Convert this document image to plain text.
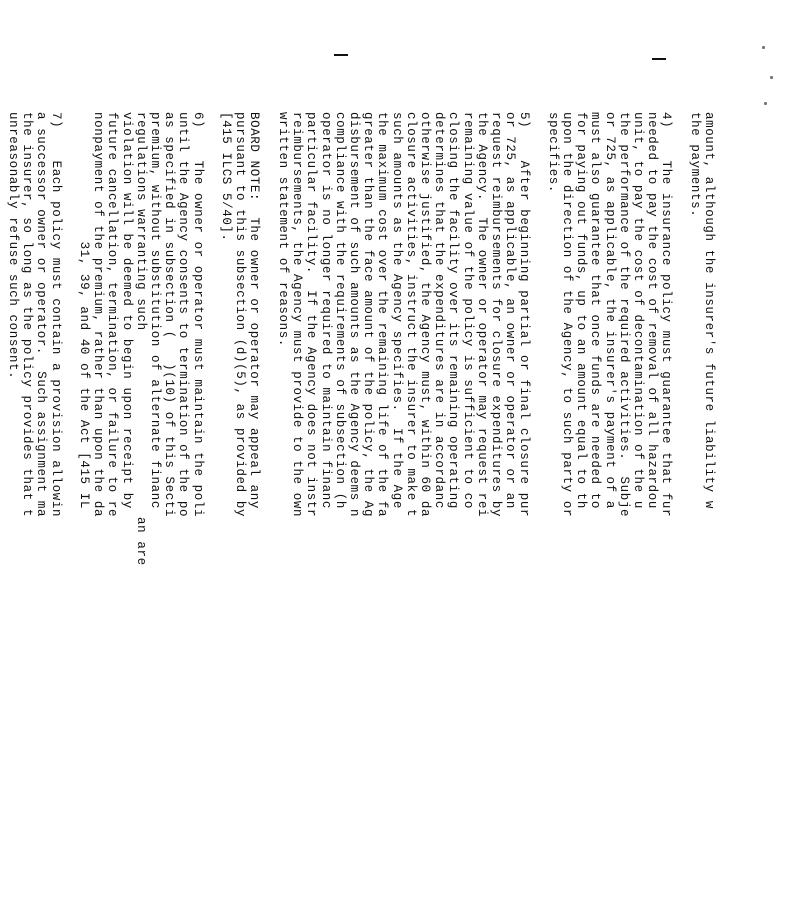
amount, although the insurer's future liability w
the payments.

4)    The insurance policy must guarantee that fur
needed to pay the cost of removal of all hazardou
unit, to pay the cost of decontamination of the u
the performance of the required activities.  Subje
or 725, as applicable, the insurer's payment of a
must also guarantee that once funds are needed to
for paying out funds, up to an amount equal to th
upon the direction of the Agency, to such party or
specifies.

5)    After beginning partial or final closure pur
or 725, as applicable, an owner or operator or an
request reimbursements for closure expenditures by
the Agency.  The owner or operator may request rei
remaining value of the policy is sufficient to co
closing the facility over its remaining operating
determines that the expenditures are in accordanc
otherwise justified, the Agency must, within 60 da
closure activities, instruct the insurer to make t
such amounts as the Agency specifies.  If the Age
the maximum cost over the remaining life of the fa
greater than the face amount of the policy, the Ag
disbursement of such amounts as the Agency deems n
compliance with the requirements of subsection (h
operator is no longer required to maintain financ
particular facility.  If the Agency does not instr
reimbursements, the Agency must provide to the own
written statement of reasons.

BOARD NOTE:  The owner or operator may appeal any
pursuant to this subsection (d)(5), as provided by
[415 ILCS 5/40].

6)    The owner or operator must maintain the poli
until the Agency consents to termination of the po
as specified in subsection (   )(10) of this Secti
premium, without substitution of alternate financ
regulations warranting such                       an are
violation will be deemed to begin upon receipt by
future cancellation, termination, or failure to re
nonpayment of the premium, rather than upon the da
31, 39, and 40 of the Act [415 IL

7)    Each policy must contain a provision allowin
a successor owner or operator.  Such assignment ma
the insurer, so long as the policy provides that t
unreasonably refuse such consent.
